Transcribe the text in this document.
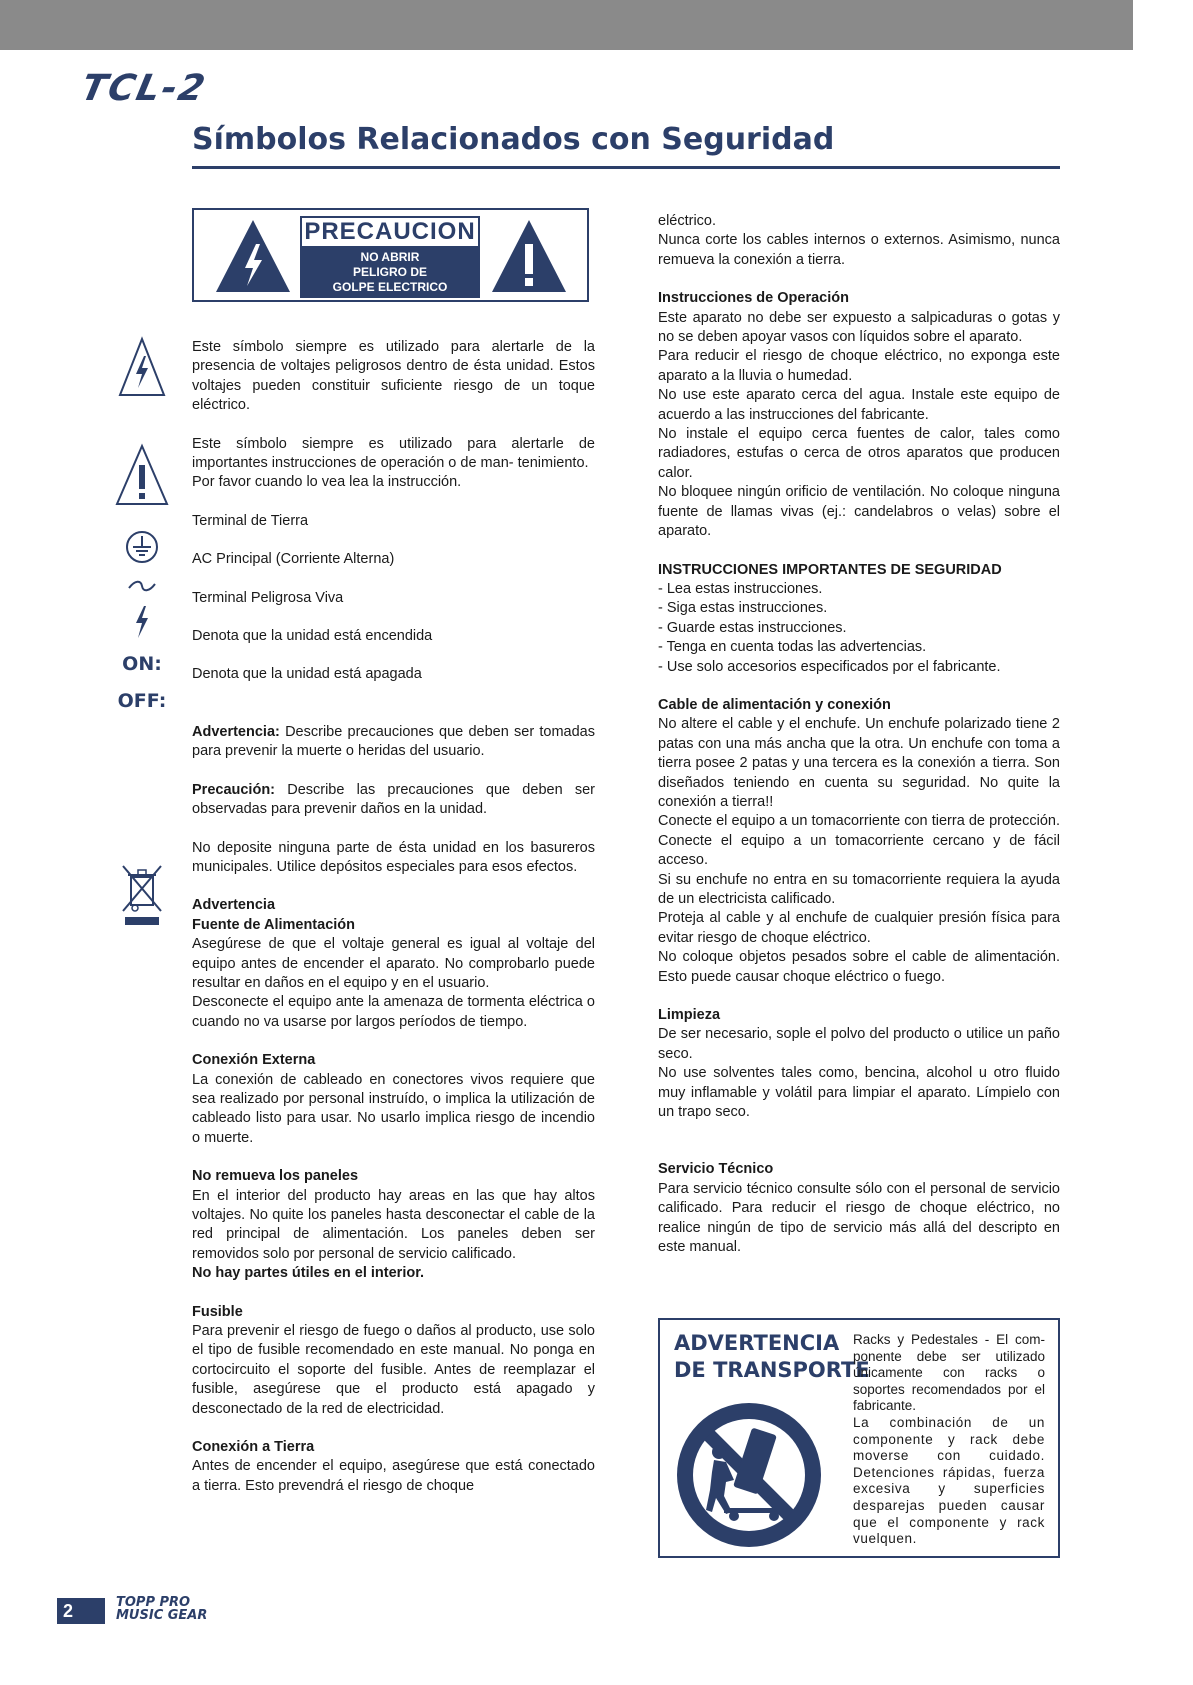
TCL-2
Símbolos Relacionados con Seguridad
ON:
OFF:
PRECAUCION
NO ABRIR
PELIGRO DE
GOLPE ELECTRICO

Este símbolo siempre es utilizado para alertarle de la presencia de voltajes peligrosos dentro de ésta unidad. Estos voltajes pueden constituir suficiente riesgo de un toque eléctrico.

Este símbolo siempre es utilizado para alertarle de importantes instrucciones de operación o de man- tenimiento.

Por favor cuando lo vea lea la instrucción.

Terminal de Tierra

AC Principal (Corriente Alterna)

Terminal Peligrosa Viva

Denota que la unidad está encendida

Denota que la unidad está apagada

Advertencia: Describe precauciones que deben ser tomadas para prevenir la muerte o heridas del usuario.

Precaución: Describe las precauciones que deben ser observadas para prevenir daños en la unidad.

No deposite ninguna parte de ésta unidad en los basureros municipales. Utilice depósitos especiales para esos efectos.

Advertencia

Fuente de Alimentación

Asegúrese de que el voltaje general es igual al voltaje del equipo antes de encender el aparato. No comprobarlo puede resultar en daños en el equipo y en el usuario.

Desconecte el equipo ante la amenaza de tormenta eléctrica o cuando no va usarse por largos períodos de tiempo.

Conexión Externa

La conexión de cableado en conectores vivos requiere que sea realizado por personal instruído, o implica la utilización de cableado listo para usar. No usarlo implica riesgo de incendio o muerte.

No remueva los paneles

En el interior del producto hay areas en las que hay altos voltajes. No quite los paneles hasta desconectar el cable de la red principal de alimentación. Los paneles deben ser removidos solo por personal de servicio calificado.

No hay partes útiles en el interior.

Fusible

Para prevenir el riesgo de fuego o daños al producto, use solo el tipo de fusible recomendado en este manual. No ponga en cortocircuito el soporte del fusible. Antes de reemplazar el fusible, asegúrese que el producto está apagado y desconectado de la red de electricidad.

Conexión a Tierra

Antes de encender el equipo, asegúrese que está conectado a tierra. Esto prevendrá el riesgo de choque

eléctrico.

Nunca corte los cables internos o externos. Asimismo, nunca remueva la conexión a tierra.

Instrucciones de Operación

Este aparato no debe ser expuesto a salpicaduras o gotas y no se deben apoyar vasos con líquidos sobre el aparato.

Para reducir el riesgo de choque eléctrico, no exponga este aparato a la lluvia o humedad.

No use este aparato cerca del agua. Instale este equipo de acuerdo a las instrucciones del fabricante.

No instale el equipo cerca fuentes de calor, tales como radiadores, estufas o cerca de otros aparatos que producen calor.

No bloquee ningún orificio de ventilación. No coloque ninguna fuente de llamas vivas (ej.: candelabros o velas) sobre el aparato.

INSTRUCCIONES IMPORTANTES DE SEGURIDAD

- Lea estas instrucciones.

- Siga estas instrucciones.

- Guarde estas instrucciones.

- Tenga en cuenta todas las advertencias.

- Use solo accesorios especificados por el fabricante.

Cable de alimentación y conexión

No altere el cable y el enchufe. Un enchufe polarizado tiene 2 patas con una más ancha que la otra. Un enchufe con toma a tierra posee 2 patas y una tercera es la conexión a tierra. Son diseñados teniendo en cuenta su seguridad. No quite la conexión a tierra!!

Conecte el equipo a un tomacorriente con tierra de protección. Conecte el equipo a un tomacorriente cercano y de fácil acceso.

Si su enchufe no entra en su tomacorriente requiera la ayuda de un electricista calificado.

Proteja al cable y al enchufe de cualquier presión física para evitar riesgo de choque eléctrico.

No coloque objetos pesados sobre el cable de alimentación. Esto puede causar choque eléctrico o fuego.

Limpieza

De ser necesario, sople el polvo del producto o utilice un paño seco.

No use solventes tales como, bencina, alcohol u otro fluido muy inflamable y volátil para limpiar el aparato. Límpielo con un trapo seco.

Servicio Técnico

Para servicio técnico consulte sólo con el personal de servicio calificado. Para reducir el riesgo de choque eléctrico, no realice ningún de tipo de servicio más allá del descripto en este manual.

ADVERTENCIA
DE TRANSPORTE

Racks y Pedestales - El com- ponente debe ser utilizado únicamente con racks o soportes recomendados por el fabricante.

La combinación de un componente y rack debe moverse con cuidado. Detenciones rápidas, fuerza excesiva y superficies desparejas pueden causar que el componente y rack vuelquen.

2	TOPP PRO
MUSIC GEAR
